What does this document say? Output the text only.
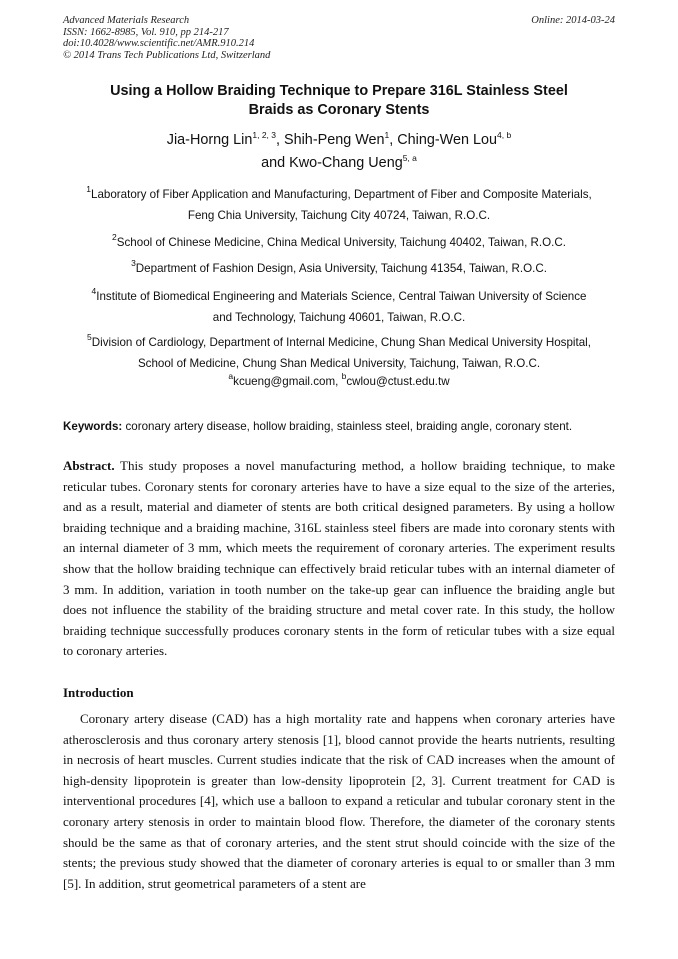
Advanced Materials Research
ISSN: 1662-8985, Vol. 910, pp 214-217
doi:10.4028/www.scientific.net/AMR.910.214
© 2014 Trans Tech Publications Ltd, Switzerland
Online: 2014-03-24
Using a Hollow Braiding Technique to Prepare 316L Stainless Steel
Braids as Coronary Stents
Jia-Horng Lin$^{1, 2, 3}$, Shih-Peng Wen$^1$, Ching-Wen Lou$^{4, b}$
and Kwo-Chang Ueng$^{5, a}$
$^1$Laboratory of Fiber Application and Manufacturing, Department of Fiber and Composite Materials,
Feng Chia University, Taichung City 40724, Taiwan, R.O.C.
$^2$School of Chinese Medicine, China Medical University, Taichung 40402, Taiwan, R.O.C.
$^3$Department of Fashion Design, Asia University, Taichung 41354, Taiwan, R.O.C.
$^4$Institute of Biomedical Engineering and Materials Science, Central Taiwan University of Science
and Technology, Taichung 40601, Taiwan, R.O.C.
$^5$Division of Cardiology, Department of Internal Medicine, Chung Shan Medical University Hospital,
School of Medicine, Chung Shan Medical University, Taichung, Taiwan, R.O.C.
$^a$kcueng@gmail.com, $^b$cwlou@ctust.edu.tw
Keywords: coronary artery disease, hollow braiding, stainless steel, braiding angle, coronary stent.
Abstract. This study proposes a novel manufacturing method, a hollow braiding technique, to make reticular tubes. Coronary stents for coronary arteries have to have a size equal to the size of the arteries, and as a result, material and diameter of stents are both critical designed parameters. By using a hollow braiding technique and a braiding machine, 316L stainless steel fibers are made into coronary stents with an internal diameter of 3 mm, which meets the requirement of coronary arteries. The experiment results show that the hollow braiding technique can effectively braid reticular tubes with an internal diameter of 3 mm. In addition, variation in tooth number on the take-up gear can influence the braiding angle but does not influence the stability of the braiding structure and metal cover rate. In this study, the hollow braiding technique successfully produces coronary stents in the form of reticular tubes with a size equal to coronary arteries.
Introduction
Coronary artery disease (CAD) has a high mortality rate and happens when coronary arteries have atherosclerosis and thus coronary artery stenosis [1], blood cannot provide the hearts nutrients, resulting in necrosis of heart muscles. Current studies indicate that the risk of CAD increases when the amount of high-density lipoprotein is greater than low-density lipoprotein [2, 3]. Current treatment for CAD is interventional procedures [4], which use a balloon to expand a reticular and tubular coronary stent in the coronary artery stenosis in order to maintain blood flow. Therefore, the diameter of the coronary stents should be the same as that of coronary arteries, and the stent strut should coincide with the size of the stents; the previous study showed that the diameter of coronary arteries is equal to or smaller than 3 mm [5]. In addition, strut geometrical parameters of a stent are
